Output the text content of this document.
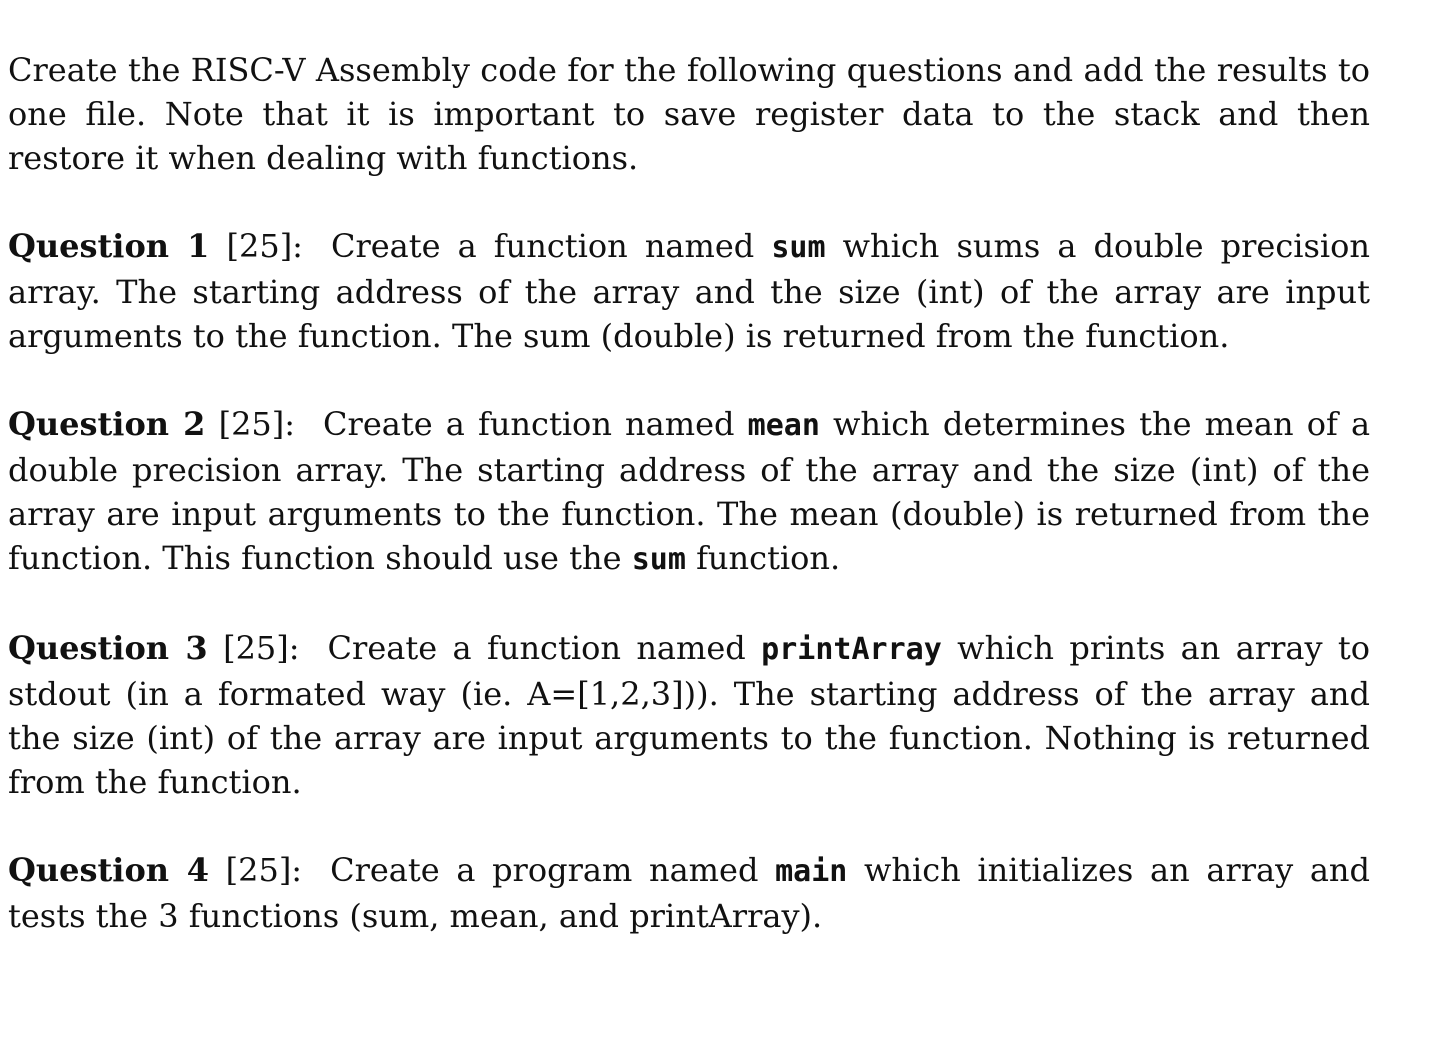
Create the RISC-V Assembly code for the following questions and add the results to one file. Note that it is important to save register data to the stack and then restore it when dealing with functions.

Question 1 [25]: Create a function named sum which sums a double precision array. The starting address of the array and the size (int) of the array are input arguments to the function. The sum (double) is returned from the function.

Question 2 [25]: Create a function named mean which determines the mean of a double precision array. The starting address of the array and the size (int) of the array are input arguments to the function. The mean (double) is returned from the function. This function should use the sum function.

Question 3 [25]: Create a function named printArray which prints an array to stdout (in a formated way (ie. A=[1,2,3])). The starting address of the array and the size (int) of the array are input arguments to the function. Nothing is returned from the function.

Question 4 [25]: Create a program named main which initializes an array and tests the 3 functions (sum, mean, and printArray).
